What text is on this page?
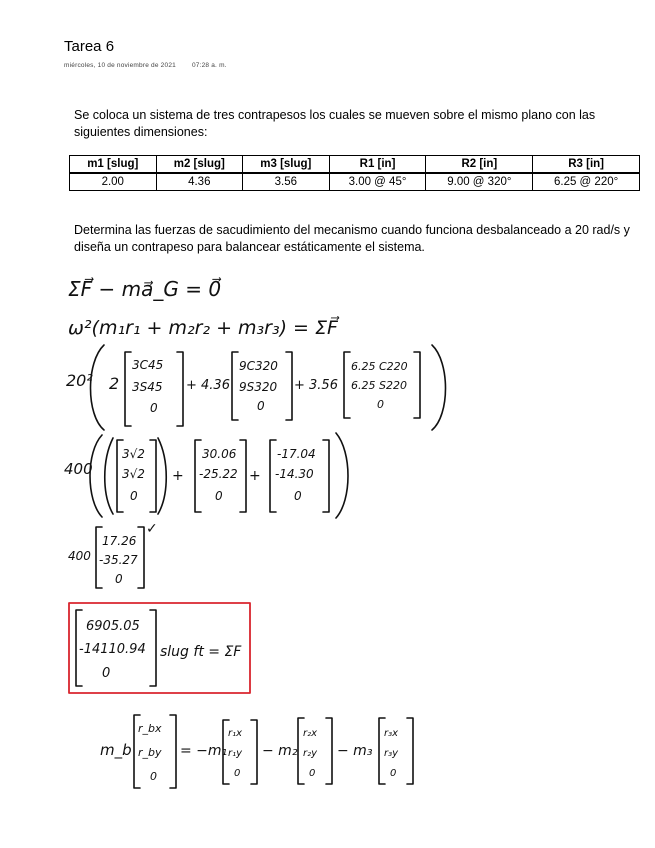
Tarea 6
miércoles, 10 de noviembre de 2021 07:28 a. m.
Se coloca un sistema de tres contrapesos los cuales se mueven sobre el mismo plano con las siguientes dimensiones:
m1 [slug]	m2 [slug]	m3 [slug]	R1 [in]	R2 [in]	R3 [in]
2.00	4.36	3.56	3.00 @ 45°	9.00 @ 320°	6.25 @ 220°
Determina las fuerzas de sacudimiento del mecanismo cuando funciona desbalanceado a 20 rad/s y diseña un contrapeso para balancear estáticamente el sistema.
ΣF⃗ − ma⃗_G = 0⃗
ω²(m₁r₁ + m₂r₂ + m₃r₃) = ΣF⃗
20² 2
3C45
3S45
0
+ 4.36
9C320
9S320
0
+ 3.56
6.25 C220
6.25 S220
0
400
3√2
3√2
0
+
30.06
-25.22
0
+
-17.04
-14.30
0
400
17.26
-35.27
0
✓
6905.05
-14110.94
0
slug ft = ΣF
m_b
r_bx
r_by
0
= −m₁
r₁x
r₁y
0
− m₂
r₂x
r₂y
0
− m₃
r₃x
r₃y
0
